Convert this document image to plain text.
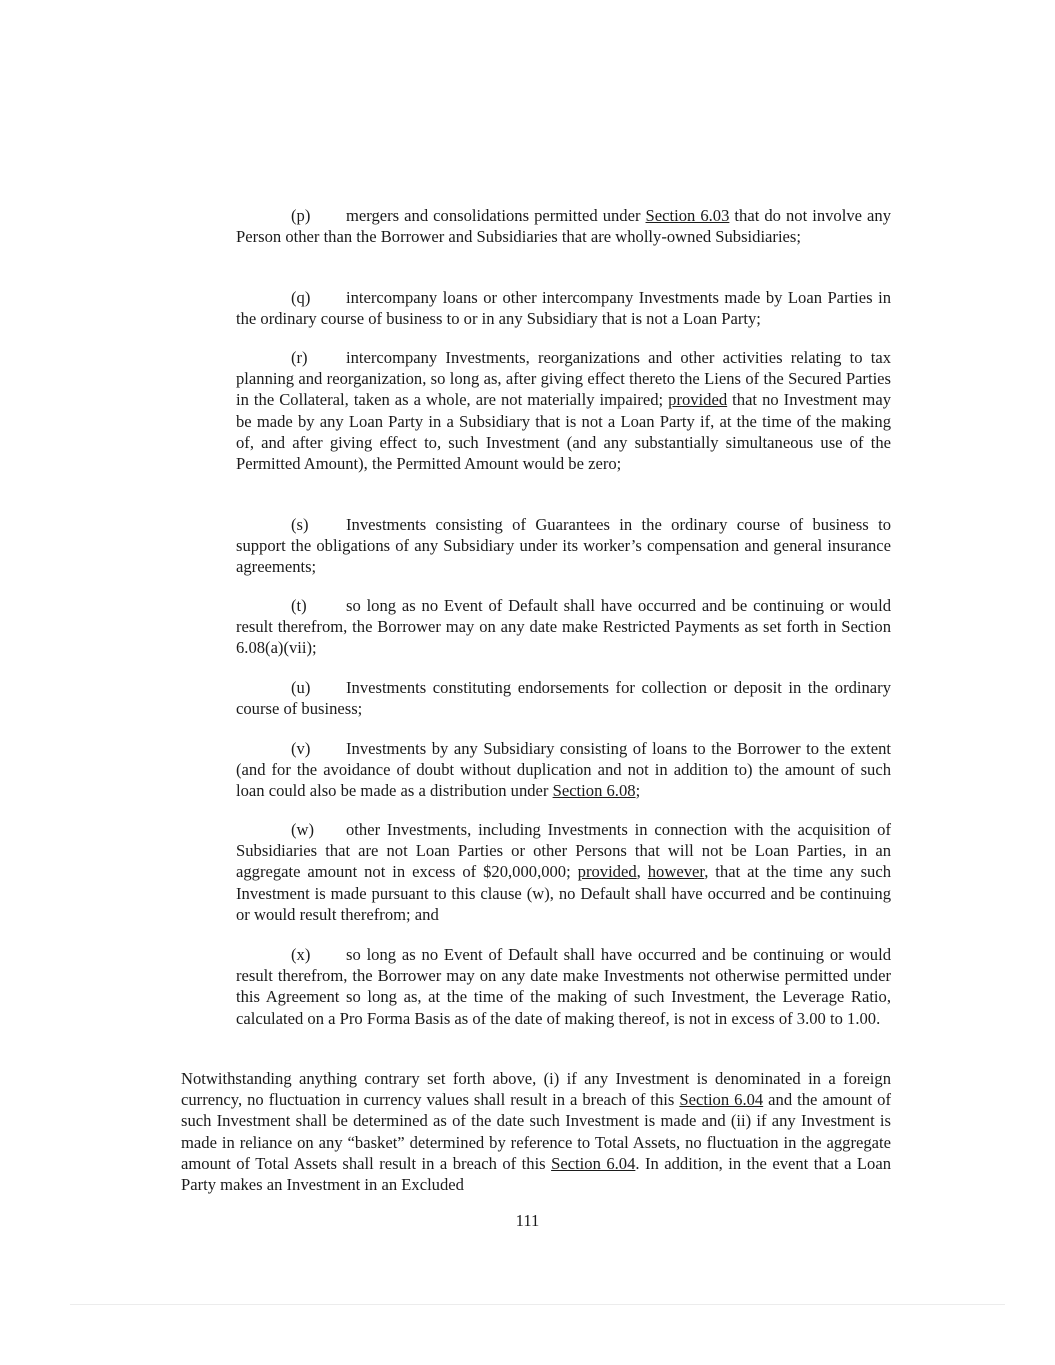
(p) mergers and consolidations permitted under Section 6.03 that do not involve any Person other than the Borrower and Subsidiaries that are wholly-owned Subsidiaries;

(q) intercompany loans or other intercompany Investments made by Loan Parties in the ordinary course of business to or in any Subsidiary that is not a Loan Party;

(r) intercompany Investments, reorganizations and other activities relating to tax planning and reorganization, so long as, after giving effect thereto the Liens of the Secured Parties in the Collateral, taken as a whole, are not materially impaired; provided that no Investment may be made by any Loan Party in a Subsidiary that is not a Loan Party if, at the time of the making of, and after giving effect to, such Investment (and any substantially simultaneous use of the Permitted Amount), the Permitted Amount would be zero;

(s) Investments consisting of Guarantees in the ordinary course of business to support the obligations of any Subsidiary under its worker’s compensation and general insurance agreements;

(t) so long as no Event of Default shall have occurred and be continuing or would result therefrom, the Borrower may on any date make Restricted Payments as set forth in Section 6.08(a)(vii);

(u) Investments constituting endorsements for collection or deposit in the ordinary course of business;

(v) Investments by any Subsidiary consisting of loans to the Borrower to the extent (and for the avoidance of doubt without duplication and not in addition to) the amount of such loan could also be made as a distribution under Section 6.08;

(w) other Investments, including Investments in connection with the acquisition of Subsidiaries that are not Loan Parties or other Persons that will not be Loan Parties, in an aggregate amount not in excess of $20,000,000; provided, however, that at the time any such Investment is made pursuant to this clause (w), no Default shall have occurred and be continuing or would result therefrom; and

(x) so long as no Event of Default shall have occurred and be continuing or would result therefrom, the Borrower may on any date make Investments not otherwise permitted under this Agreement so long as, at the time of the making of such Investment, the Leverage Ratio, calculated on a Pro Forma Basis as of the date of making thereof, is not in excess of 3.00 to 1.00.

Notwithstanding anything contrary set forth above, (i) if any Investment is denominated in a foreign currency, no fluctuation in currency values shall result in a breach of this Section 6.04 and the amount of such Investment shall be determined as of the date such Investment is made and (ii) if any Investment is made in reliance on any “basket” determined by reference to Total Assets, no fluctuation in the aggregate amount of Total Assets shall result in a breach of this Section 6.04. In addition, in the event that a Loan Party makes an Investment in an Excluded

111
